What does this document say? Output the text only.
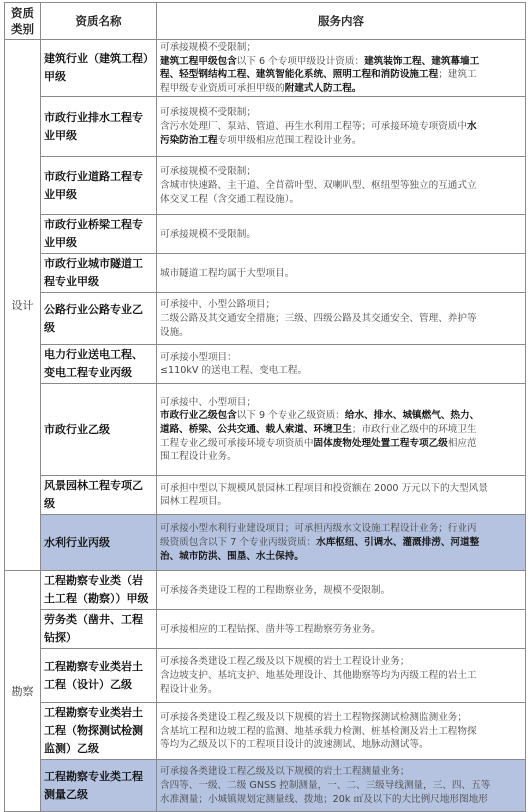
资质类别	资质名称	服务内容
设计	建筑行业（建筑工程）甲级	可承接规模不受限制；
建筑工程甲级包含以下 6 个专项甲级设计资质：建筑装饰工程、建筑幕墙工
程、轻型钢结构工程、建筑智能化系统、照明工程和消防设施工程；建筑工
程甲级专业资质可承担甲级的附建式人防工程。

	市政行业排水工程专业甲级	可承接规模不受限制；
含污水处理厂、泵站、管道、再生水利用工程等；可承接环境专项资质中水
污染防治工程专项甲级相应范围工程设计业务。

	市政行业道路工程专业甲级	可承接规模不受限制；
含城市快速路、主干道、全苜蓿叶型、双喇叭型、枢纽型等独立的互通式立
体交叉工程（含交通工程设施）。

	市政行业桥梁工程专业甲级	可承接规模不受限制。

	市政行业城市隧道工程专业甲级	城市隧道工程均属于大型项目。

	公路行业公路专业乙级	可承接中、小型公路项目；
二级公路及其交通安全措施；三级、四级公路及其交通安全、管理、养护等
设施。

	电力行业送电工程、变电工程专业丙级	可承接小型项目：
≤110kV 的送电工程、变电工程。

	市政行业乙级	可承接中、小型项目；
市政行业乙级包含以下 9 个专业乙级资质：给水、排水、城镇燃气、热力、
道路、桥梁、公共交通、载人索道、环境卫生；市政行业乙级中的环境卫生
工程专业乙级可承接环境专项资质中固体废物处理处置工程专项乙级相应范
围工程设计业务。

	风景园林工程专项乙级	可承担中型以下规模风景园林工程项目和投资额在 2000 万元以下的大型风景
园林工程项目。

	水利行业丙级	可承接小型水利行业建设项目；可承担丙级水文设施工程设计业务；行业丙
级资质包含以下 7 个专业丙级资质：水库枢纽、引调水、灌溉排涝、河道整
治、城市防洪、围垦、水土保持。

勘察	工程勘察专业类（岩土工程（勘察））甲级	可承接各类建设工程的工程勘察业务，规模不受限制。

	劳务类（凿井、工程钻探）	可承接相应的工程钻探、凿井等工程勘察劳务业务。

	工程勘察专业类岩土工程（设计）乙级	可承接各类建设工程乙级及以下规模的岩土工程设计业务；
含边坡支护、基坑支护、地基处理设计、其他勘察等均为丙级工程的岩土工
程设计业务。

	工程勘察专业类岩土工程（物探测试检测监测）乙级	可承接各类建设工程乙级及以下规模的岩土工程物探测试检测监测业务；
含基坑工程和边坡工程的监测、地基承载力检测、桩基检测及岩土工程物探
等均为乙级及以下的工程项目设计的波速测试、地脉动测试等。

	工程勘察专业类工程测量乙级	可承接各类建设工程乙级及以下规模的岩土工程测量业务；
含四等、一级、二级 GNSS 控制测量，一、二、三级导线测量，三、四、五等
水准测量；小城镇规划定测量线、拨地；20k ㎡及以下的大比例尺地形图地形
